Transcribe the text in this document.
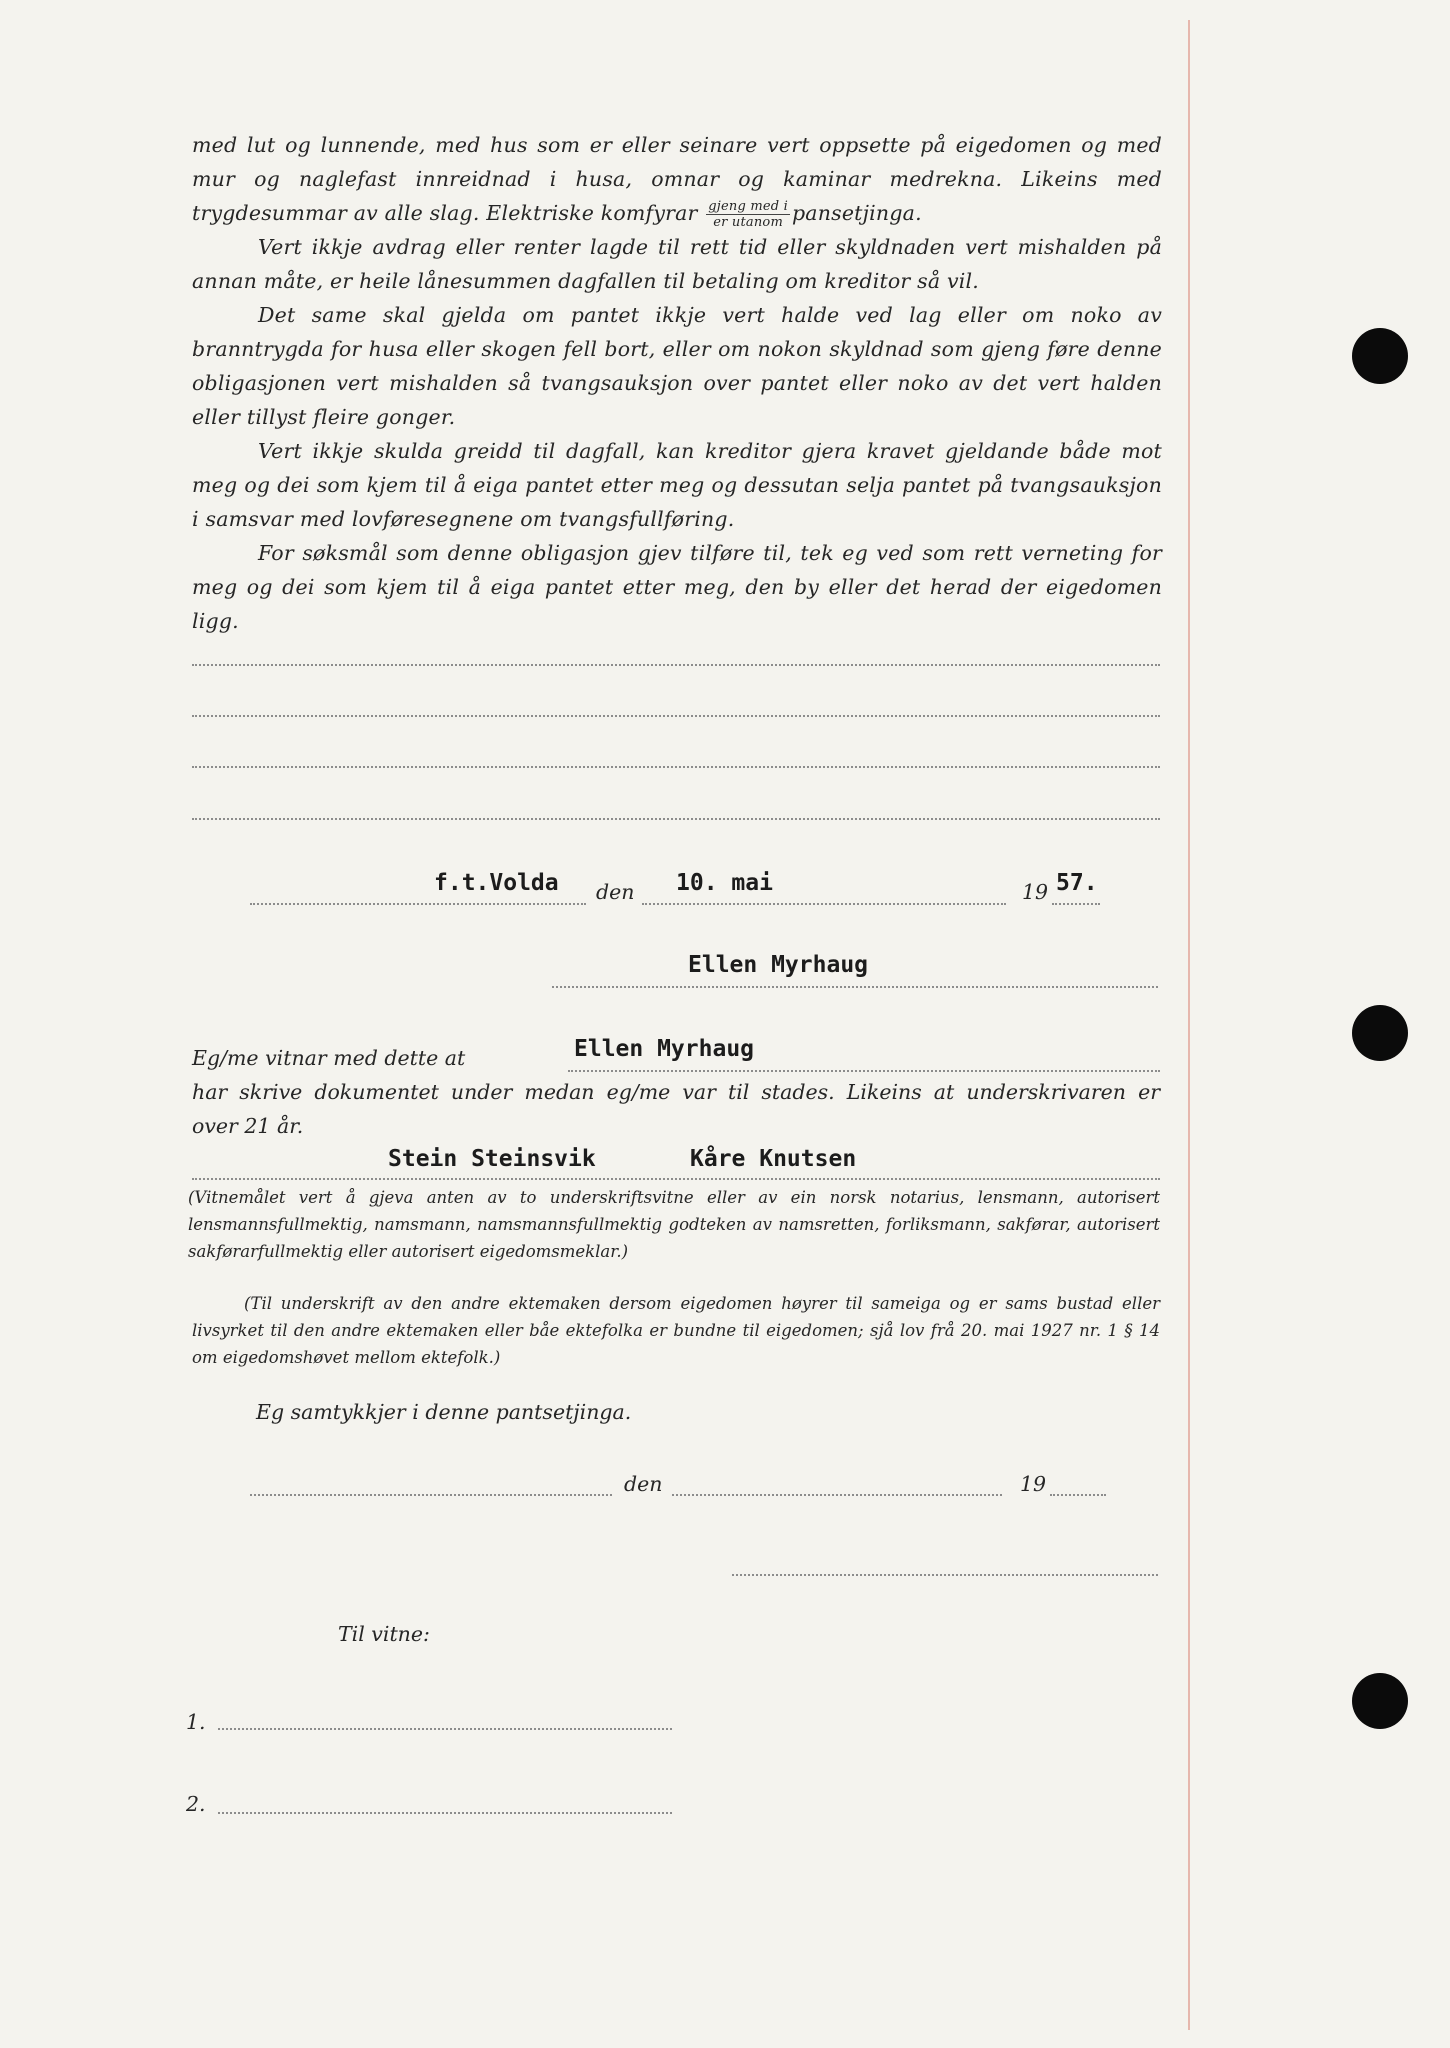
med lut og lunnende, med hus som er eller seinare vert oppsette på eigedomen og med mur og naglefast innreidnad i husa, omnar og kaminar medrekna. Likeins med trygdesummar av alle slag. Elektriske komfyrar $\frac{\text{gjeng med i}}{\text{er utanom}}$ pansetjinga.

Vert ikkje avdrag eller renter lagde til rett tid eller skyldnaden vert mishalden på annan måte, er heile lånesummen dagfallen til betaling om kreditor så vil.

Det same skal gjelda om pantet ikkje vert halde ved lag eller om noko av branntrygda for husa eller skogen fell bort, eller om nokon skyldnad som gjeng føre denne obligasjonen vert mishalden så tvangsauksjon over pantet eller noko av det vert halden eller tillyst fleire gonger.

Vert ikkje skulda greidd til dagfall, kan kreditor gjera kravet gjeldande både mot meg og dei som kjem til å eiga pantet etter meg og dessutan selja pantet på tvangsauksjon i samsvar med lovføresegnene om tvangsfullføring.

For søksmål som denne obligasjon gjev tilføre til, tek eg ved som rett verneting for meg og dei som kjem til å eiga pantet etter meg, den by eller det herad der eigedomen ligg.

f.t.Volda den 10. mai	19 57.
Ellen Myrhaug
Eg/me vitnar med dette at	Ellen Myrhaug
har skrive dokumentet under medan eg/me var til stades. Likeins at underskrivaren er
over 21 år.
Stein Steinsvik	Kåre Knutsen
(Vitnemålet vert å gjeva anten av to underskriftsvitne eller av ein norsk notarius, lensmann, autorisert lensmannsfullmektig, namsmann, namsmannsfullmektig godteken av namsretten, forliksmann, sakførar, autorisert sakførarfullmektig eller autorisert eigedomsmeklar.)
(Til underskrift av den andre ektemaken dersom eigedomen høyrer til sameiga og er sams bustad eller livsyrket til den andre ektemaken eller båe ektefolka er bundne til eigedomen; sjå lov frå 20. mai 1927 nr. 1 § 14 om eigedomshøvet mellom ektefolk.)
Eg samtykkjer i denne pantsetjinga.
den	19
Til vitne:
1.
2.
